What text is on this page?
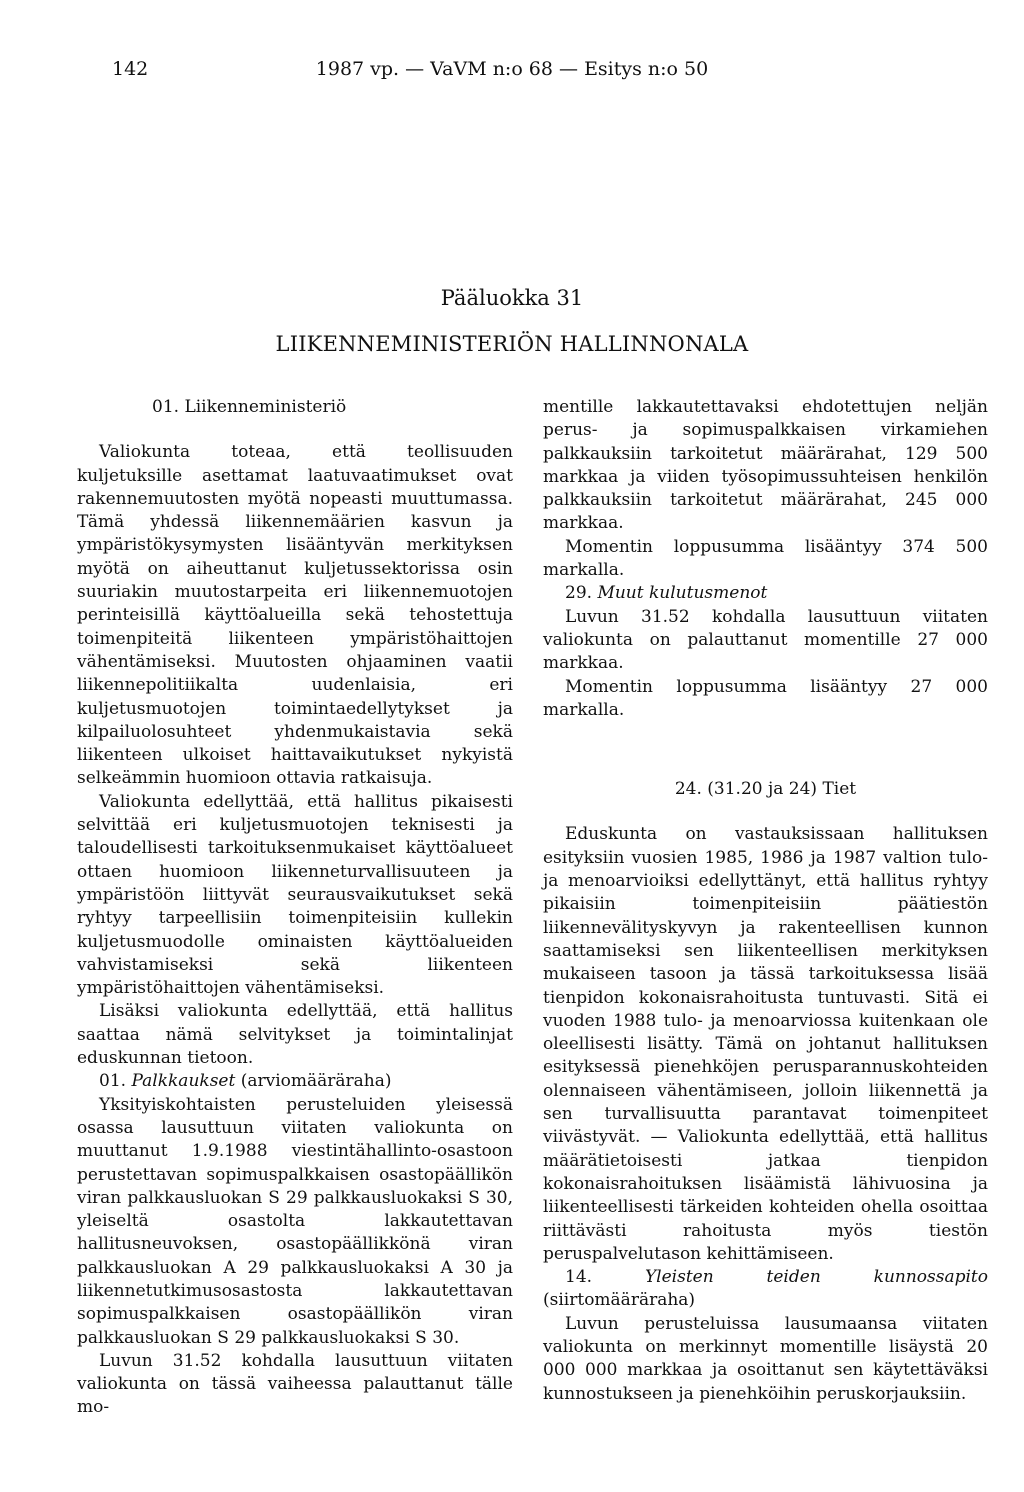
142	1987 vp. — VaVM n:o 68 — Esitys n:o 50
Pääluokka 31
LIIKENNEMINISTERIÖN HALLINNONALA

01. Liikenneministeriö

Valiokunta toteaa, että teollisuuden kuljetuksille asettamat laatuvaatimukset ovat rakennemuutosten myötä nopeasti muuttumassa. Tämä yhdessä liikennemäärien kasvun ja ympäristökysymysten lisääntyvän merkityksen myötä on aiheuttanut kuljetussektorissa osin suuriakin muutostarpeita eri liikennemuotojen perinteisillä käyttöalueilla sekä tehostettuja toimenpiteitä liikenteen ympäristöhaittojen vähentämiseksi. Muutosten ohjaaminen vaatii liikennepolitiikalta uudenlaisia, eri kuljetusmuotojen toimintaedellytykset ja kilpailuolosuhteet yhdenmukaistavia sekä liikenteen ulkoiset haittavaikutukset nykyistä selkeämmin huomioon ottavia ratkaisuja.

Valiokunta edellyttää, että hallitus pikaisesti selvittää eri kuljetusmuotojen teknisesti ja taloudellisesti tarkoituksenmukaiset käyttöalueet ottaen huomioon liikenneturvallisuuteen ja ympäristöön liittyvät seurausvaikutukset sekä ryhtyy tarpeellisiin toimenpiteisiin kullekin kuljetusmuodolle ominaisten käyttöalueiden vahvistamiseksi sekä liikenteen ympäristöhaittojen vähentämiseksi.

Lisäksi valiokunta edellyttää, että hallitus saattaa nämä selvitykset ja toimintalinjat eduskunnan tietoon.

01. Palkkaukset (arviomääräraha)

Yksityiskohtaisten perusteluiden yleisessä osassa lausuttuun viitaten valiokunta on muuttanut 1.9.1988 viestintähallinto-osastoon perustettavan sopimuspalkkaisen osastopäällikön viran palkkausluokan S 29 palkkausluokaksi S 30, yleiseltä osastolta lakkautettavan hallitusneuvoksen, osastopäällikkönä viran palkkausluokan A 29 palkkausluokaksi A 30 ja liikennetutkimusosastosta lakkautettavan sopimuspalkkaisen osastopäällikön viran palkkausluokan S 29 palkkausluokaksi S 30.

Luvun 31.52 kohdalla lausuttuun viitaten valiokunta on tässä vaiheessa palauttanut tälle mo-

mentille lakkautettavaksi ehdotettujen neljän perus- ja sopimuspalkkaisen virkamiehen palkkauksiin tarkoitetut määrärahat, 129 500 markkaa ja viiden työsopimussuhteisen henkilön palkkauksiin tarkoitetut määrärahat, 245 000 markkaa.

Momentin loppusumma lisääntyy 374 500 markalla.

29. Muut kulutusmenot

Luvun 31.52 kohdalla lausuttuun viitaten valiokunta on palauttanut momentille 27 000 markkaa.

Momentin loppusumma lisääntyy 27 000 markalla.

24. (31.20 ja 24) Tiet

Eduskunta on vastauksissaan hallituksen esityksiin vuosien 1985, 1986 ja 1987 valtion tulo- ja menoarvioiksi edellyttänyt, että hallitus ryhtyy pikaisiin toimenpiteisiin päätiestön liikennevälityskyvyn ja rakenteellisen kunnon saattamiseksi sen liikenteellisen merkityksen mukaiseen tasoon ja tässä tarkoituksessa lisää tienpidon kokonaisrahoitusta tuntuvasti. Sitä ei vuoden 1988 tulo- ja menoarviossa kuitenkaan ole oleellisesti lisätty. Tämä on johtanut hallituksen esityksessä pienehköjen perusparannuskohteiden olennaiseen vähentämiseen, jolloin liikennettä ja sen turvallisuutta parantavat toimenpiteet viivästyvät. — Valiokunta edellyttää, että hallitus määrätietoisesti jatkaa tienpidon kokonaisrahoituksen lisäämistä lähivuosina ja liikenteellisesti tärkeiden kohteiden ohella osoittaa riittävästi rahoitusta myös tiestön peruspalvelutason kehittämiseen.

14.	Yleisten teiden kunnossapito (siirtomääräraha)

Luvun perusteluissa lausumaansa viitaten valiokunta on merkinnyt momentille lisäystä 20 000 000 markkaa ja osoittanut sen käytettäväksi kunnostukseen ja pienehköihin peruskorjauksiin.
